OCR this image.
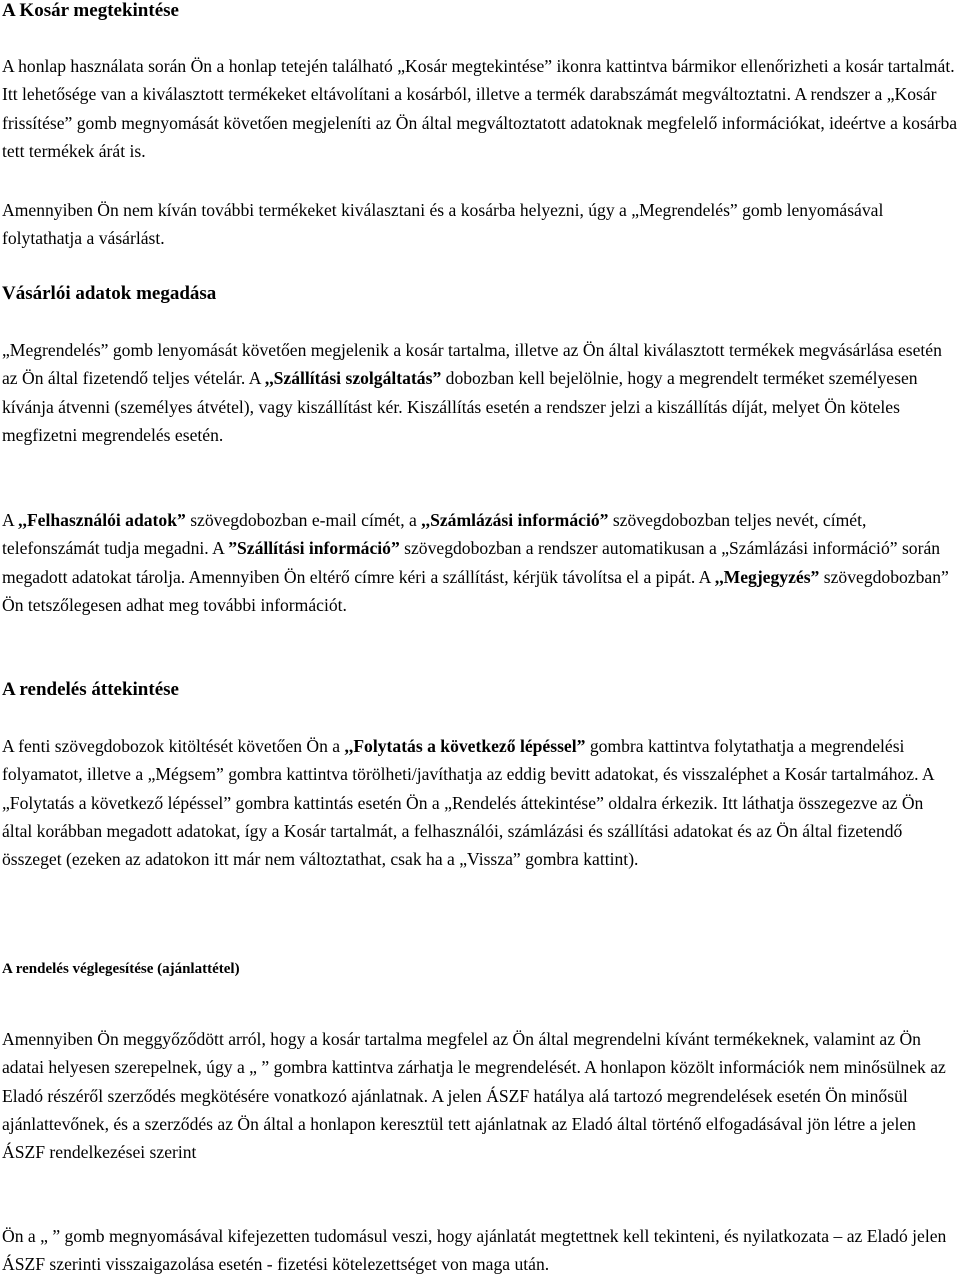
A Kosár megtekintése

A honlap használata során Ön a honlap tetején található „Kosár megtekintése” ikonra kattintva bármikor ellenőrizheti a kosár tartalmát. Itt lehetősége van a kiválasztott termékeket eltávolítani a kosárból, illetve a termék darabszámát megváltoztatni. A rendszer a „Kosár frissítése” gomb megnyomását követően megjeleníti az Ön által megváltoztatott adatoknak megfelelő információkat, ideértve a kosárba tett termékek árát is.

Amennyiben Ön nem kíván további termékeket kiválasztani és a kosárba helyezni, úgy a „Megrendelés” gomb lenyomásával folytathatja a vásárlást.

Vásárlói adatok megadása

„Megrendelés” gomb lenyomását követően megjelenik a kosár tartalma, illetve az Ön által kiválasztott termékek megvásárlása esetén az Ön által fizetendő teljes vételár. A ,,Szállítási szolgáltatás” dobozban kell bejelölnie, hogy a megrendelt terméket személyesen kívánja átvenni (személyes átvétel), vagy kiszállítást kér. Kiszállítás esetén a rendszer jelzi a kiszállítás díját, melyet Ön köteles megfizetni megrendelés esetén.

A ,,Felhasználói adatok” szövegdobozban e-mail címét, a ,,Számlázási információ” szövegdobozban teljes nevét, címét, telefonszámát tudja megadni. A ”Szállítási információ” szövegdobozban a rendszer automatikusan a „Számlázási információ” során megadott adatokat tárolja. Amennyiben Ön eltérő címre kéri a szállítást, kérjük távolítsa el a pipát. A ,,Megjegyzés” szövegdobozban” Ön tetszőlegesen adhat meg további információt.

A rendelés áttekintése

A fenti szövegdobozok kitöltését követően Ön a ,,Folytatás a következő lépéssel” gombra kattintva folytathatja a megrendelési folyamatot, illetve a „Mégsem” gombra kattintva törölheti/javíthatja az eddig bevitt adatokat, és visszaléphet a Kosár tartalmához. A „Folytatás a következő lépéssel” gombra kattintás esetén Ön a „Rendelés áttekintése” oldalra érkezik. Itt láthatja összegezve az Ön által korábban megadott adatokat, így a Kosár tartalmát, a felhasználói, számlázási és szállítási adatokat és az Ön által fizetendő összeget (ezeken az adatokon itt már nem változtathat, csak ha a „Vissza” gombra kattint).

A rendelés véglegesítése (ajánlattétel)

Amennyiben Ön meggyőződött arról, hogy a kosár tartalma megfelel az Ön által megrendelni kívánt termékeknek, valamint az Ön adatai helyesen szerepelnek, úgy a „ ” gombra kattintva zárhatja le megrendelését. A honlapon közölt információk nem minősülnek az Eladó részéről szerződés megkötésére vonatkozó ajánlatnak. A jelen ÁSZF hatálya alá tartozó megrendelések esetén Ön minősül ajánlattevőnek, és a szerződés az Ön által a honlapon keresztül tett ajánlatnak az Eladó által történő elfogadásával jön létre a jelen ÁSZF rendelkezései szerint

Ön a „ ” gomb megnyomásával kifejezetten tudomásul veszi, hogy ajánlatát megtettnek kell tekinteni, és nyilatkozata – az Eladó jelen ÁSZF szerinti visszaigazolása esetén - fizetési kötelezettséget von maga után.
